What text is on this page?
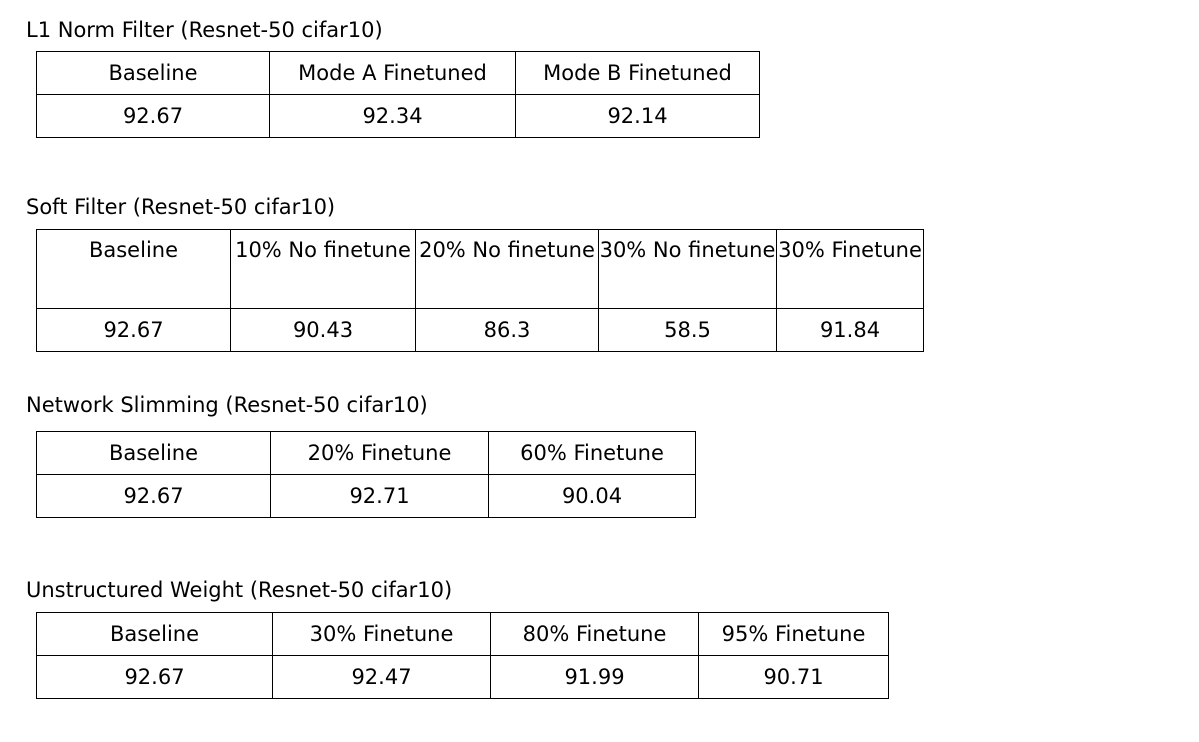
L1 Norm Filter (Resnet-50 cifar10)
Baseline	Mode A Finetuned	Mode B Finetuned
92.67	92.34	92.14
Soft Filter (Resnet-50 cifar10)
Baseline	10% No finetune	20% No finetune	30% No finetune	30% Finetune

92.67	90.43	86.3	58.5	91.84
Network Slimming (Resnet-50 cifar10)
Baseline	20% Finetune	60% Finetune
92.67	92.71	90.04
Unstructured Weight (Resnet-50 cifar10)
Baseline	30% Finetune	80% Finetune	95% Finetune
92.67	92.47	91.99	90.71
